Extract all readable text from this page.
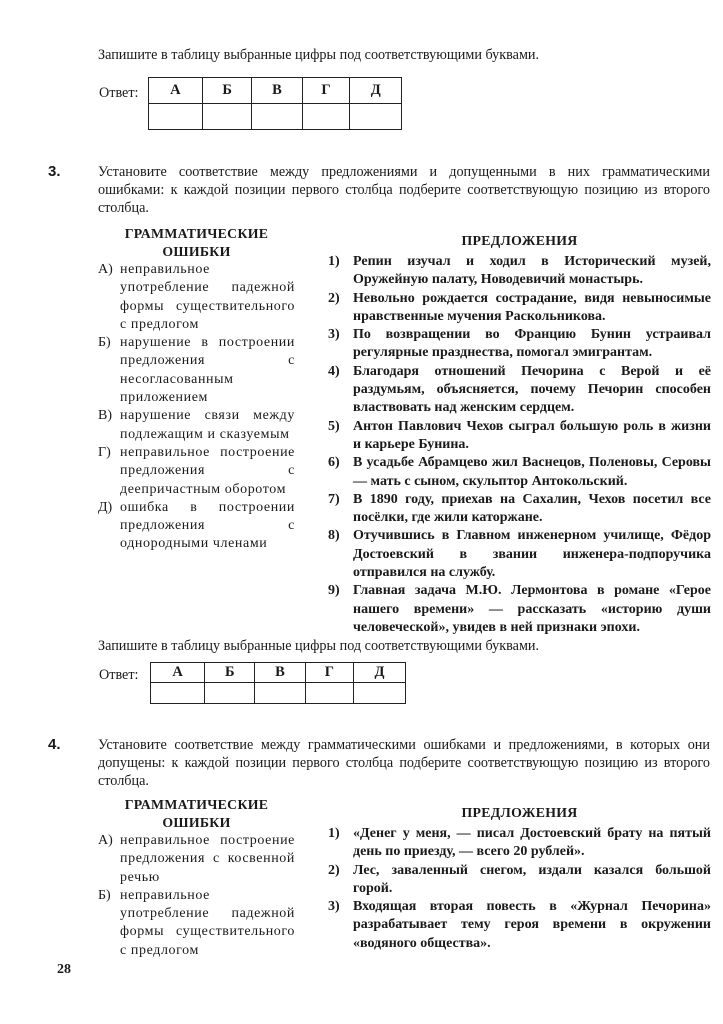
Запишите в таблицу выбранные цифры под соответствующими буквами.
Ответ: А	Б	В	Г	Д

3.	Установите соответствие между предложениями и допущенными в них грамматическими ошибками: к каждой позиции первого столбца подберите соответствующую позицию из второго столбца.
ГРАММАТИЧЕСКИЕ
ОШИБКИ
А) неправильное употребление падежной формы существительного с предлогом
Б) нарушение в построении предложения с несогласованным приложением
В) нарушение связи между подлежащим и сказуемым
Г) неправильное построение предложения с деепричастным оборотом
Д) ошибка в построении предложения с однородными членами
ПРЕДЛОЖЕНИЯ
1) Репин изучал и ходил в Исторический музей, Оружейную палату, Новодевичий монастырь.
2) Невольно рождается сострадание, видя невыносимые нравственные мучения Раскольникова.
3) По возвращении во Францию Бунин устраивал регулярные празднества, помогал эмигрантам.
4) Благодаря отношений Печорина с Верой и её раздумьям, объясняется, почему Печорин способен властвовать над женским сердцем.
5) Антон Павлович Чехов сыграл большую роль в жизни и карьере Бунина.
6) В усадьбе Абрамцево жил Васнецов, Поленовы, Серовы — мать с сыном, скульптор Антокольский.
7) В 1890 году, приехав на Сахалин, Чехов посетил все посёлки, где жили каторжане.
8) Отучившись в Главном инженерном училище, Фёдор Достоевский в звании инженера-подпоручика отправился на службу.
9) Главная задача М.Ю. Лермонтова в романе «Герое нашего времени» — рассказать «историю души человеческой», увидев в ней признаки эпохи.
Запишите в таблицу выбранные цифры под соответствующими буквами.
Ответ: А	Б	В	Г	Д

4.	Установите соответствие между грамматическими ошибками и предложениями, в которых они допущены: к каждой позиции первого столбца подберите соответствующую позицию из второго столбца.
ГРАММАТИЧЕСКИЕ
ОШИБКИ
А) неправильное построение предложения с косвенной речью
Б) неправильное употребление падежной формы существительного с предлогом
ПРЕДЛОЖЕНИЯ
1) «Денег у меня, — писал Достоевский брату на пятый день по приезду, — всего 20 рублей».
2) Лес, заваленный снегом, издали казался большой горой.
3) Входящая вторая повесть в «Журнал Печорина» разрабатывает тему героя времени в окружении «водяного общества».
28
